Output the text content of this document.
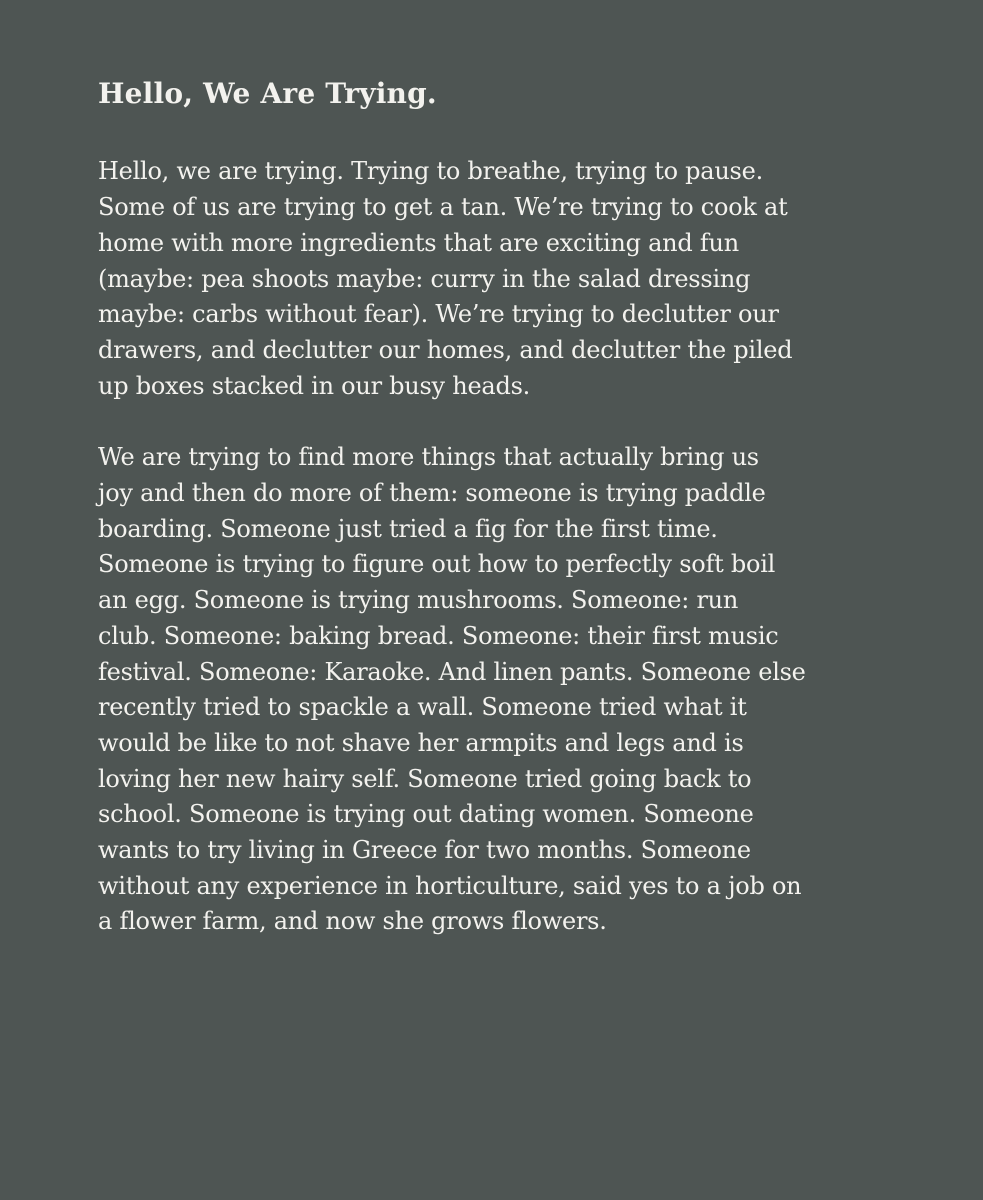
Hello, We Are Trying.

Hello, we are trying. Trying to breathe, trying to pause.
Some of us are trying to get a tan. We’re trying to cook at
home with more ingredients that are exciting and fun
(maybe: pea shoots maybe: curry in the salad dressing
maybe: carbs without fear). We’re trying to declutter our
drawers, and declutter our homes, and declutter the piled
up boxes stacked in our busy heads.

We are trying to find more things that actually bring us
joy and then do more of them: someone is trying paddle
boarding. Someone just tried a fig for the first time.
Someone is trying to figure out how to perfectly soft boil
an egg. Someone is trying mushrooms. Someone: run
club. Someone: baking bread. Someone: their first music
festival. Someone: Karaoke. And linen pants. Someone else
recently tried to spackle a wall. Someone tried what it
would be like to not shave her armpits and legs and is
loving her new hairy self. Someone tried going back to
school. Someone is trying out dating women. Someone
wants to try living in Greece for two months. Someone
without any experience in horticulture, said yes to a job on
a flower farm, and now she grows flowers.
